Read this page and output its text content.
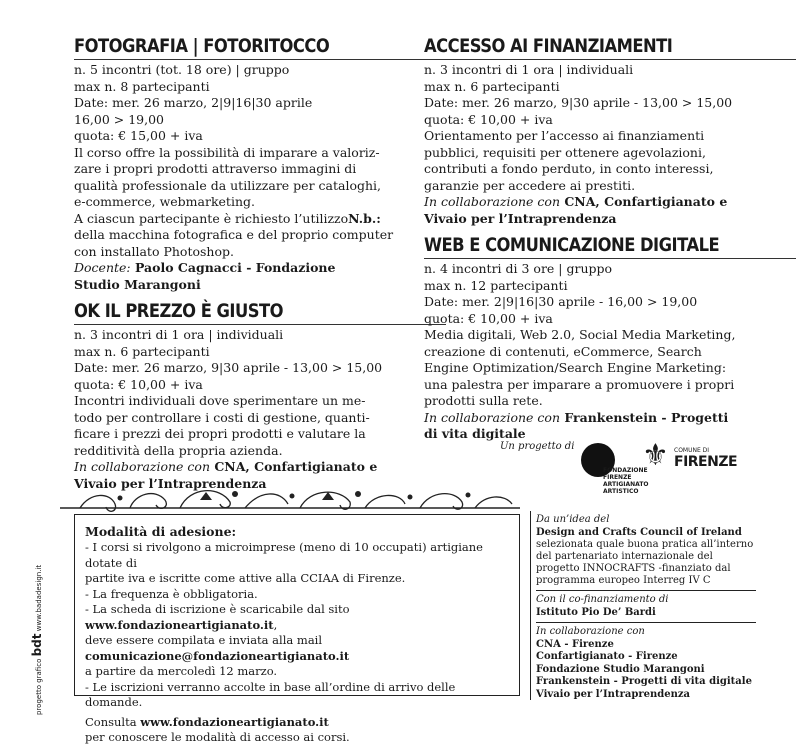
FOTOGRAFIA | FOTORITOCCO
n. 5 incontri (tot. 18 ore) | gruppo
max n. 8 partecipanti
Date: mer. 26 marzo, 2|9|16|30 aprile
16,00 > 19,00
quota: € 15,00 + iva
Il corso offre la possibilità di imparare a valoriz-
zare i propri prodotti attraverso immagini di
qualità professionale da utilizzare per cataloghi,
e-commerce, webmarketing.
A ciascun partecipante è richiesto l’utilizzoN.b.:
della macchina fotografica e del proprio computer
con installato Photoshop.
Docente: Paolo Cagnacci - Fondazione
Studio Marangoni
OK IL PREZZO È GIUSTO
n. 3 incontri di 1 ora | individuali
max n. 6 partecipanti
Date: mer. 26 marzo, 9|30 aprile - 13,00 > 15,00
quota: € 10,00 + iva
Incontri individuali dove sperimentare un me-
todo per controllare i costi di gestione, quanti-
ficare i prezzi dei propri prodotti e valutare la
redditività della propria azienda.
In collaborazione con CNA, Confartigianato e
Vivaio per l’Intraprendenza
ACCESSO AI FINANZIAMENTI
n. 3 incontri di 1 ora | individuali
max n. 6 partecipanti
Date: mer. 26 marzo, 9|30 aprile - 13,00 > 15,00
quota: € 10,00 + iva
Orientamento per l’accesso ai finanziamenti
pubblici, requisiti per ottenere agevolazioni,
contributi a fondo perduto, in conto interessi,
garanzie per accedere ai prestiti.
In collaborazione con CNA, Confartigianato e
Vivaio per l’Intraprendenza
WEB E COMUNICAZIONE DIGITALE
n. 4 incontri di 3 ore | gruppo
max n. 12 partecipanti
Date: mer. 2|9|16|30 aprile - 16,00 > 19,00
quota: € 10,00 + iva
Media digitali, Web 2.0, Social Media Marketing,
creazione di contenuti, eCommerce, Search
Engine Optimization/Search Engine Marketing:
una palestra per imparare a promuovere i propri
prodotti sulla rete.
In collaborazione con Frankenstein - Progetti
di vita digitale
Un progetto di
FONDAZIONE
FIRENZE
ARTIGIANATO
ARTISTICO
⚜ COMUNE DI
FIRENZE
progetto grafico bdt www.badadesign.it
Modalità di adesione:
- I corsi si rivolgono a microimprese (meno di 10 occupati) artigiane dotate di
partite iva e iscritte come attive alla CCIAA di Firenze.
- La frequenza è obbligatoria.
- La scheda di iscrizione è scaricabile dal sito www.fondazioneartigianato.it,
deve essere compilata e inviata alla mail comunicazione@fondazioneartigianato.it
a partire da mercoledì 12 marzo.
- Le iscrizioni verranno accolte in base all’ordine di arrivo delle domande.
Consulta www.fondazioneartigianato.it
per conoscere le modalità di accesso ai corsi.
Da un’idea del
Design and Crafts Council of Ireland
selezionata quale buona pratica all’interno
del partenariato internazionale del
progetto INNOCRAFTS -finanziato dal
programma europeo Interreg IV C
Con il co-finanziamento di
Istituto Pio De’ Bardi
In collaborazione con
CNA - Firenze
Confartigianato - Firenze
Fondazione Studio Marangoni
Frankenstein - Progetti di vita digitale
Vivaio per l’Intraprendenza
